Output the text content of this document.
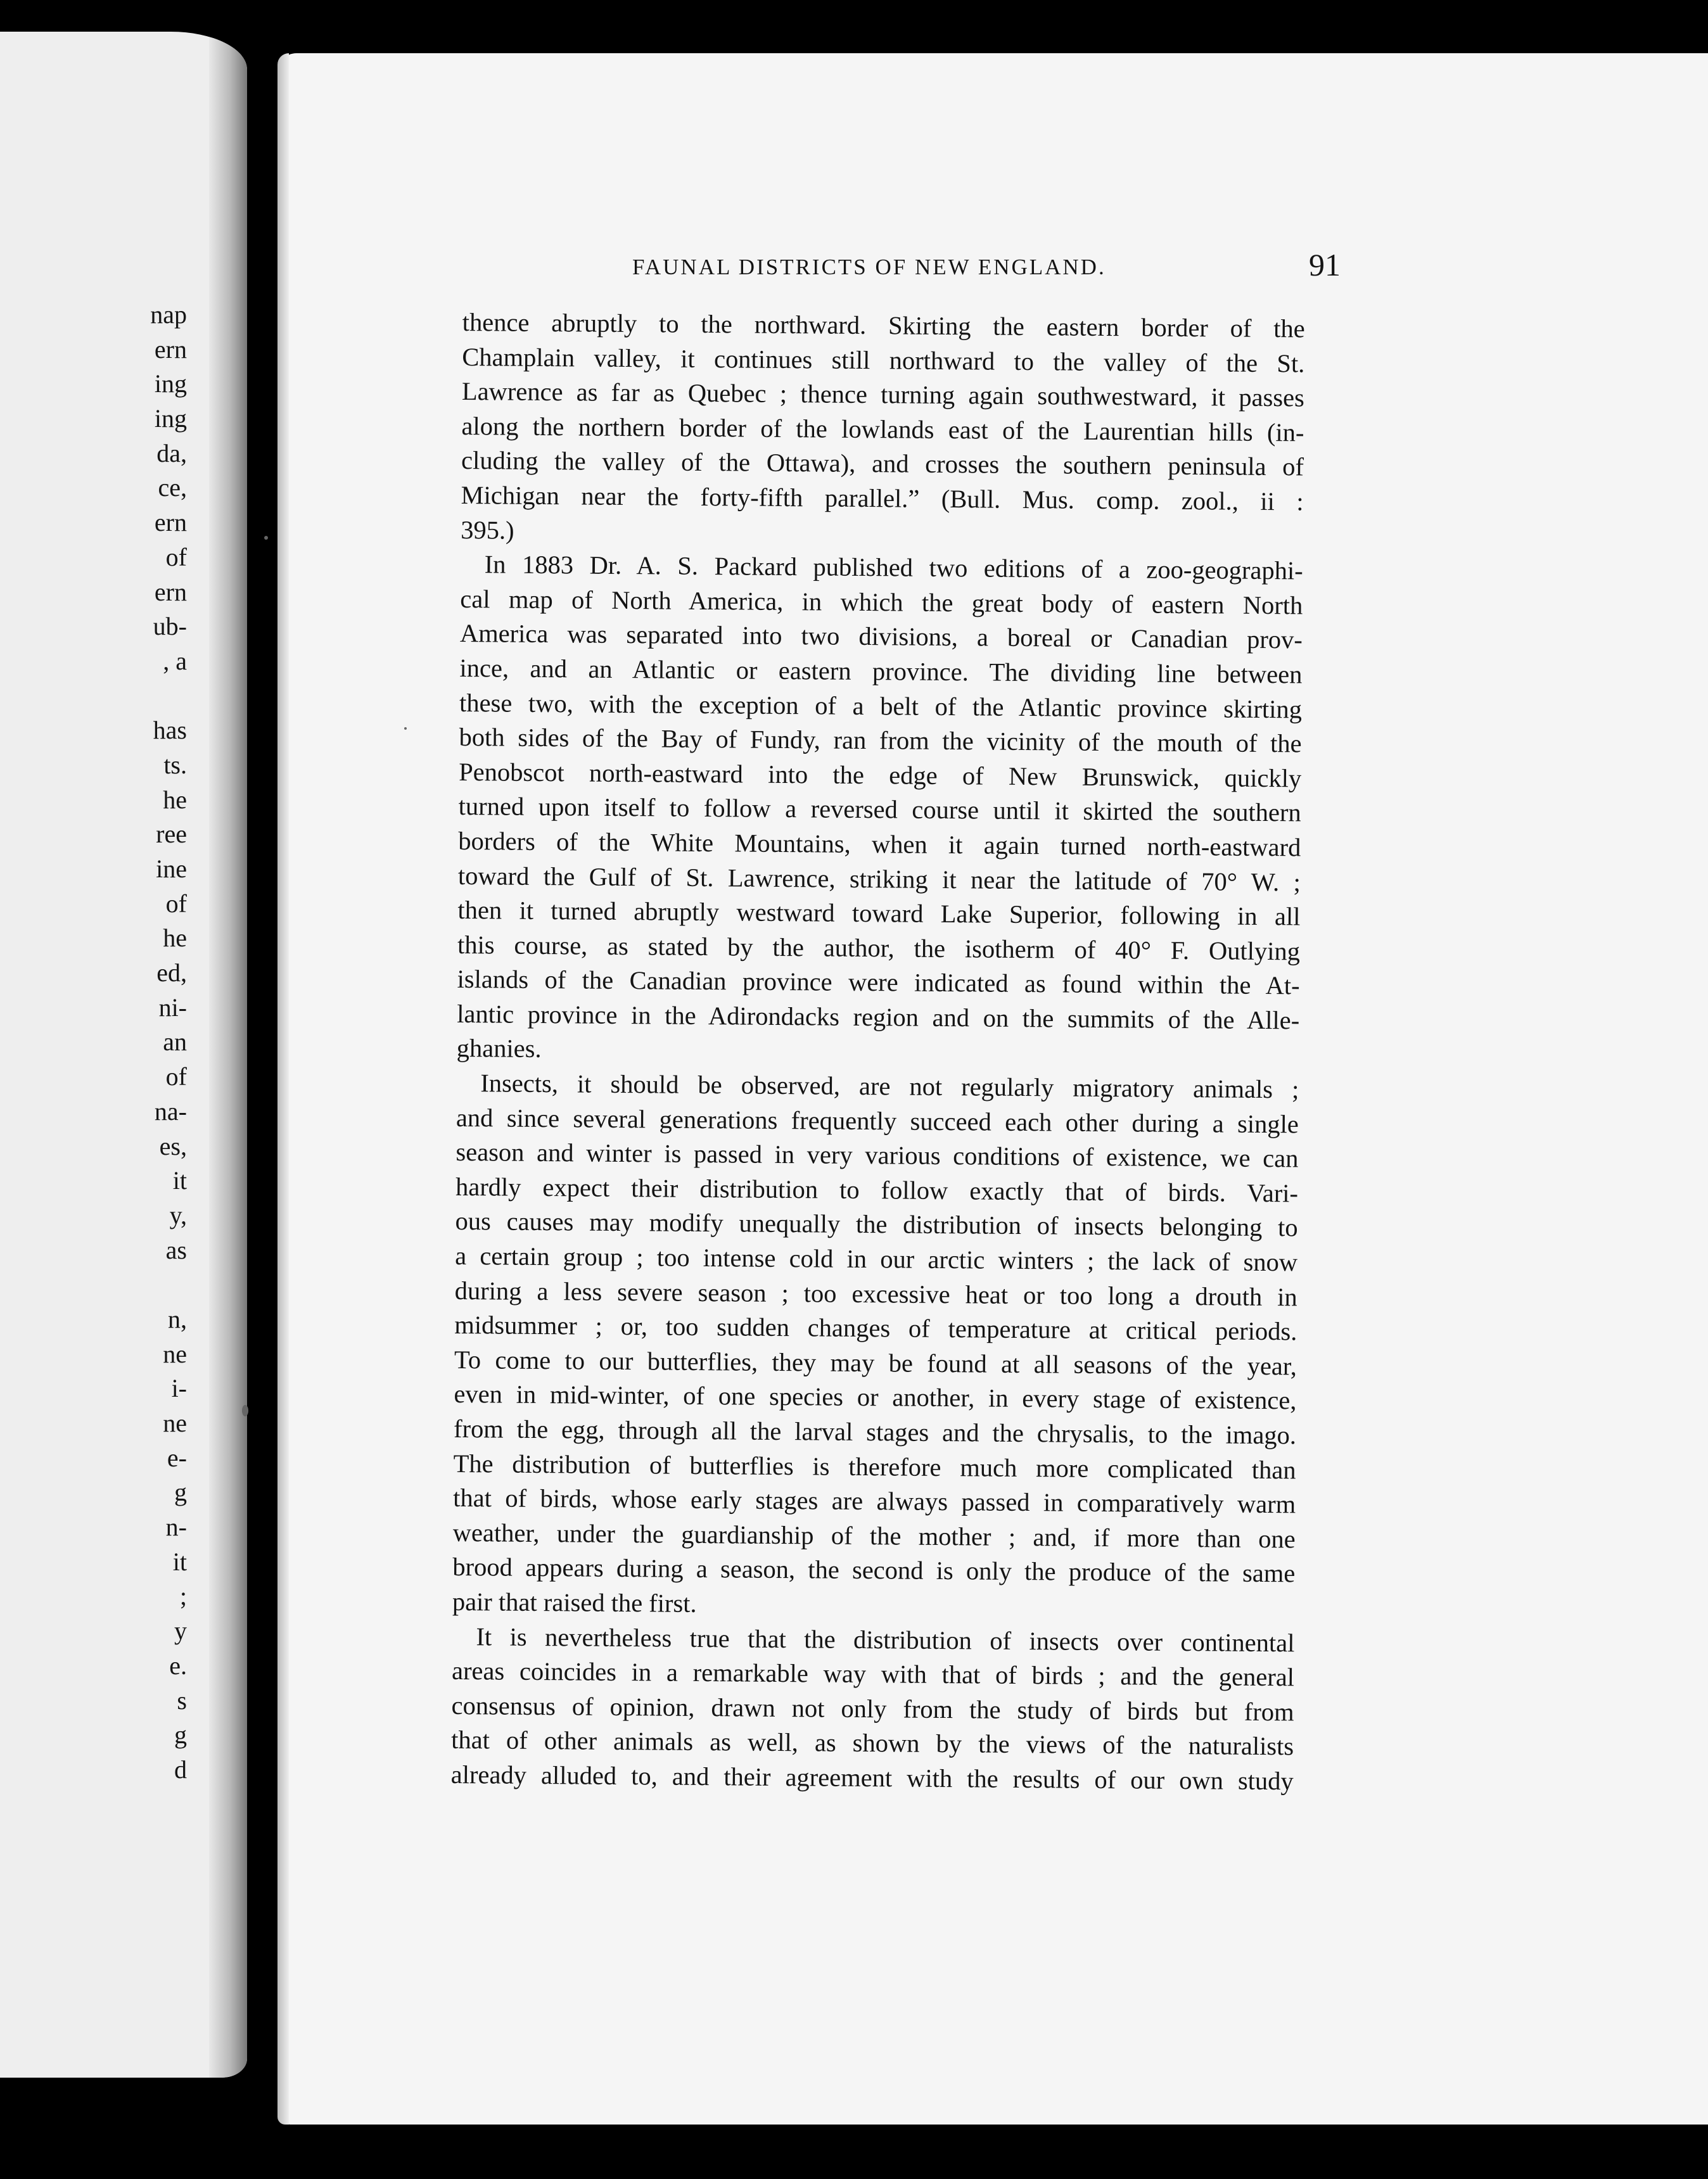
nap
ern
ing
ing
da,
ce,
ern
of
ern
ub-
, a
has
ts.
he
ree
ine
of
he
ed,
ni-
an
of
na-
es,
it
y,
as
n,
ne
i-
ne
e-
g
n-
it
;
y
e.
s
g
d
FAUNAL DISTRICTS OF NEW ENGLAND.	91
thence abruptly to the northward. Skirting the eastern border of the
Champlain valley, it continues still northward to the valley of the St.
Lawrence as far as Quebec ; thence turning again southwestward, it passes
along the northern border of the lowlands east of the Laurentian hills (in-
cluding the valley of the Ottawa), and crosses the southern peninsula of
Michigan near the forty-fifth parallel.” (Bull. Mus. comp. zool., ii :
395.)
In 1883 Dr. A. S. Packard published two editions of a zoo-geographi-
cal map of North America, in which the great body of eastern North
America was separated into two divisions, a boreal or Canadian prov-
ince, and an Atlantic or eastern province. The dividing line between
these two, with the exception of a belt of the Atlantic province skirting
both sides of the Bay of Fundy, ran from the vicinity of the mouth of the
Penobscot north-eastward into the edge of New Brunswick, quickly
turned upon itself to follow a reversed course until it skirted the southern
borders of the White Mountains, when it again turned north-eastward
toward the Gulf of St. Lawrence, striking it near the latitude of 70° W. ;
then it turned abruptly westward toward Lake Superior, following in all
this course, as stated by the author, the isotherm of 40° F. Outlying
islands of the Canadian province were indicated as found within the At-
lantic province in the Adirondacks region and on the summits of the Alle-
ghanies.
Insects, it should be observed, are not regularly migratory animals ;
and since several generations frequently succeed each other during a single
season and winter is passed in very various conditions of existence, we can
hardly expect their distribution to follow exactly that of birds. Vari-
ous causes may modify unequally the distribution of insects belonging to
a certain group ; too intense cold in our arctic winters ; the lack of snow
during a less severe season ; too excessive heat or too long a drouth in
midsummer ; or, too sudden changes of temperature at critical periods.
To come to our butterflies, they may be found at all seasons of the year,
even in mid-winter, of one species or another, in every stage of existence,
from the egg, through all the larval stages and the chrysalis, to the imago.
The distribution of butterflies is therefore much more complicated than
that of birds, whose early stages are always passed in comparatively warm
weather, under the guardianship of the mother ; and, if more than one
brood appears during a season, the second is only the produce of the same
pair that raised the first.
It is nevertheless true that the distribution of insects over continental
areas coincides in a remarkable way with that of birds ; and the general
consensus of opinion, drawn not only from the study of birds but from
that of other animals as well, as shown by the views of the naturalists
already alluded to, and their agreement with the results of our own study
